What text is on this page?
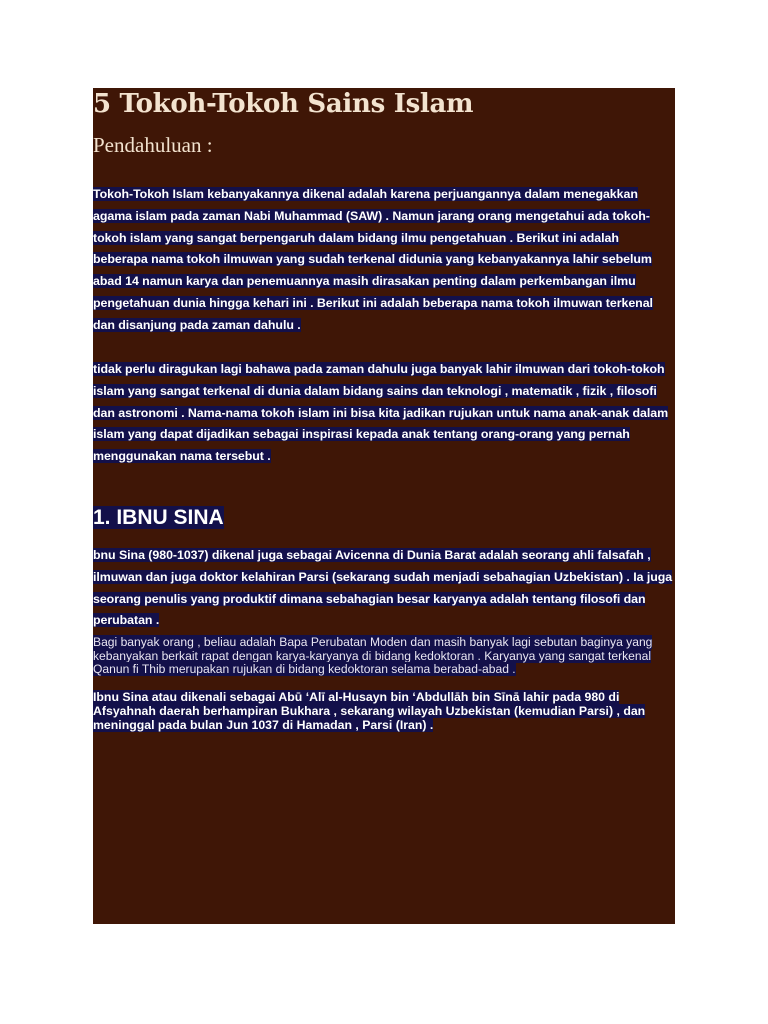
5 Tokoh-Tokoh Sains Islam
Pendahuluan :

Tokoh-Tokoh Islam kebanyakannya dikenal adalah karena perjuangannya dalam menegakkan agama islam pada zaman Nabi Muhammad (SAW) . Namun jarang orang mengetahui ada tokoh-tokoh islam yang sangat berpengaruh dalam bidang ilmu pengetahuan . Berikut ini adalah beberapa nama tokoh ilmuwan yang sudah terkenal didunia yang kebanyakannya lahir sebelum abad 14 namun karya dan penemuannya masih dirasakan penting dalam perkembangan ilmu pengetahuan dunia hingga kehari ini . Berikut ini adalah beberapa nama tokoh ilmuwan terkenal dan disanjung pada zaman dahulu .

tidak perlu diragukan lagi bahawa pada zaman dahulu juga banyak lahir ilmuwan dari tokoh-tokoh islam yang sangat terkenal di dunia dalam bidang sains dan teknologi , matematik , fizik , filosofi dan astronomi . Nama-nama tokoh islam ini bisa kita jadikan rujukan untuk nama anak-anak dalam islam yang dapat dijadikan sebagai inspirasi kepada anak tentang orang-orang yang pernah menggunakan nama tersebut .

1. IBNU SINA

bnu Sina (980-1037) dikenal juga sebagai Avicenna di Dunia Barat adalah seorang ahli falsafah , ilmuwan dan juga doktor kelahiran Parsi (sekarang sudah menjadi sebahagian Uzbekistan) . Ia juga seorang penulis yang produktif dimana sebahagian besar karyanya adalah tentang filosofi dan perubatan .

Bagi banyak orang , beliau adalah Bapa Perubatan Moden dan masih banyak lagi sebutan baginya yang kebanyakan berkait rapat dengan karya-karyanya di bidang kedoktoran . Karyanya yang sangat terkenal Qanun fi Thib merupakan rujukan di bidang kedoktoran selama berabad-abad .

Ibnu Sina atau dikenali sebagai Abū ‘Alī al-Husayn bin ‘Abdullāh bin Sīnā lahir pada 980 di Afsyahnah daerah berhampiran Bukhara , sekarang wilayah Uzbekistan (kemudian Parsi) , dan meninggal pada bulan Jun 1037 di Hamadan , Parsi (Iran) .
